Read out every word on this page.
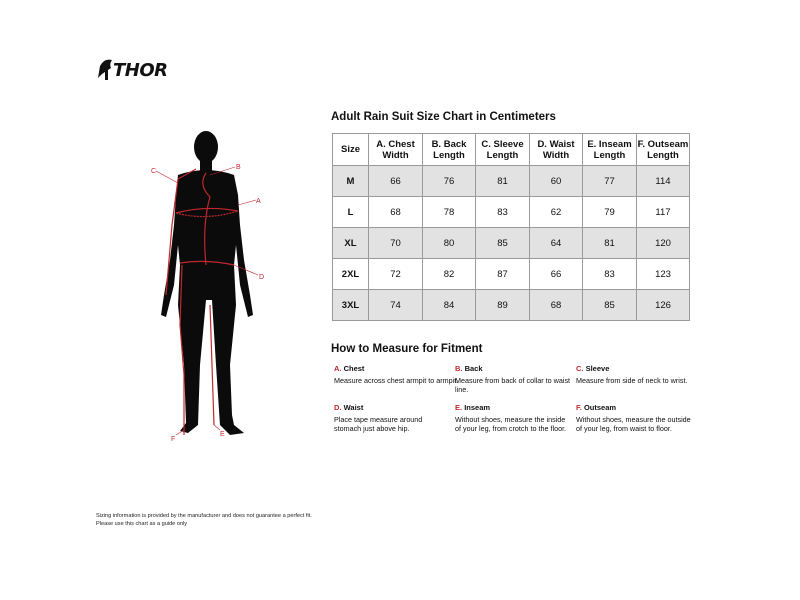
THOR
A
B
C
D
E
F
Adult Rain Suit Size Chart in Centimeters
Size	A. Chest Width	B. Back Length	C. Sleeve Length	D. Waist Width	E. Inseam Length	F. Outseam Length
M	66	76	81	60	77	114
L	68	78	83	62	79	117
XL	70	80	85	64	81	120
2XL	72	82	87	66	83	123
3XL	74	84	89	68	85	126
How to Measure for Fitment
A. Chest
Measure across chest armpit to armpit.
B. Back
Measure from back of collar to waist line.
C. Sleeve
Measure from side of neck to wrist.
D. Waist
Place tape measure around stomach just above hip.
E. Inseam
Without shoes, measure the inside of your leg, from crotch to the floor.
F. Outseam
Without shoes, measure the outside of your leg, from waist to floor.
Sizing information is provided by the manufacturer and does not guarantee a perfect fit.
Please use this chart as a guide only
